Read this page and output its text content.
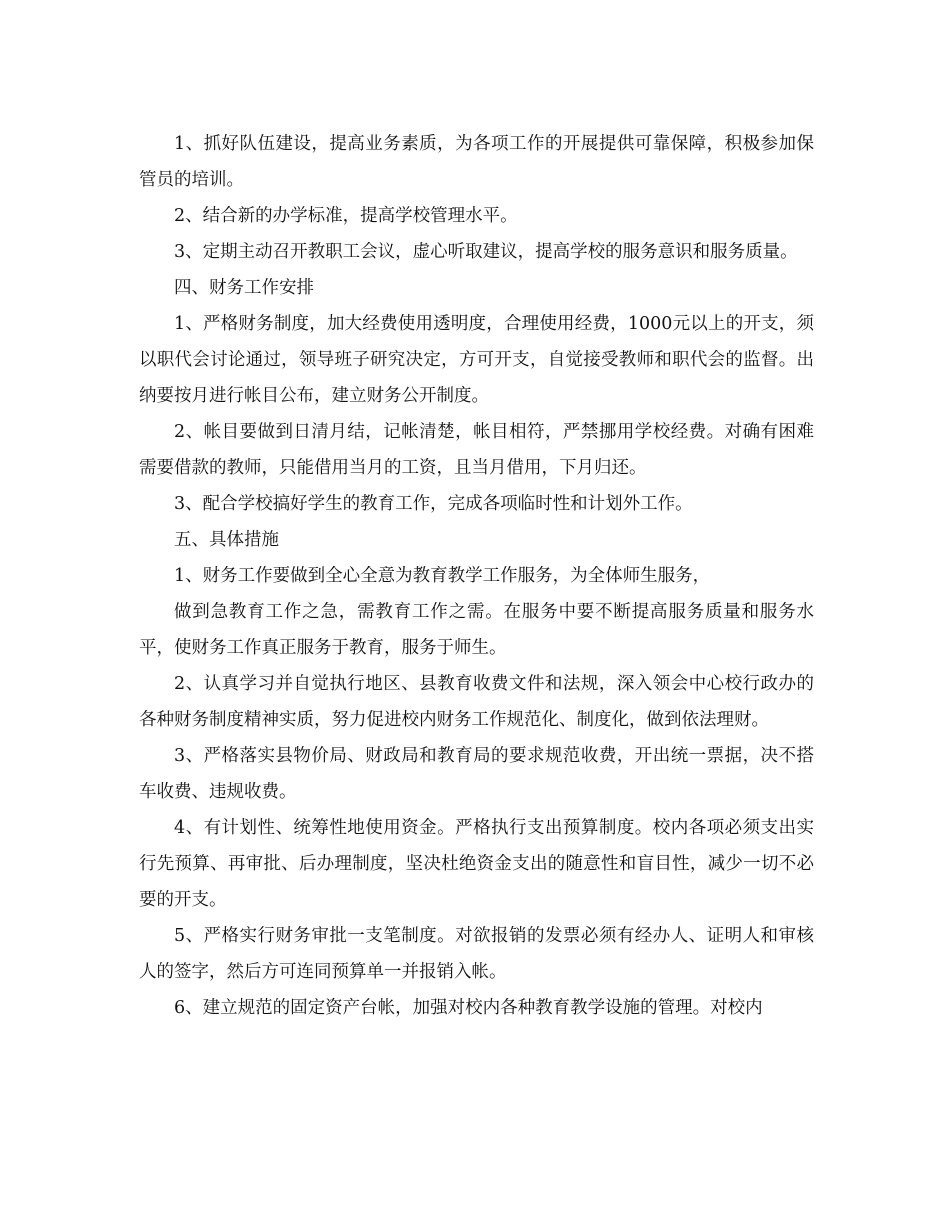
1、抓好队伍建设，提高业务素质，为各项工作的开展提供可靠保障，积极参加保管员的培训。

2、结合新的办学标准，提高学校管理水平。

3、定期主动召开教职工会议，虚心听取建议，提高学校的服务意识和服务质量。

四、财务工作安排

1、严格财务制度，加大经费使用透明度，合理使用经费，1000元以上的开支，须以职代会讨论通过，领导班子研究决定，方可开支，自觉接受教师和职代会的监督。出纳要按月进行帐目公布，建立财务公开制度。

2、帐目要做到日清月结，记帐清楚，帐目相符，严禁挪用学校经费。对确有困难需要借款的教师，只能借用当月的工资，且当月借用，下月归还。

3、配合学校搞好学生的教育工作，完成各项临时性和计划外工作。

五、具体措施

1、财务工作要做到全心全意为教育教学工作服务，为全体师生服务，

做到急教育工作之急，需教育工作之需。在服务中要不断提高服务质量和服务水平，使财务工作真正服务于教育，服务于师生。

2、认真学习并自觉执行地区、县教育收费文件和法规，深入领会中心校行政办的各种财务制度精神实质，努力促进校内财务工作规范化、制度化，做到依法理财。

3、严格落实县物价局、财政局和教育局的要求规范收费，开出统一票据，决不搭车收费、违规收费。

4、有计划性、统筹性地使用资金。严格执行支出预算制度。校内各项必须支出实行先预算、再审批、后办理制度，坚决杜绝资金支出的随意性和盲目性，减少一切不必要的开支。

5、严格实行财务审批一支笔制度。对欲报销的发票必须有经办人、证明人和审核人的签字，然后方可连同预算单一并报销入帐。

6、建立规范的固定资产台帐，加强对校内各种教育教学设施的管理。对校内
